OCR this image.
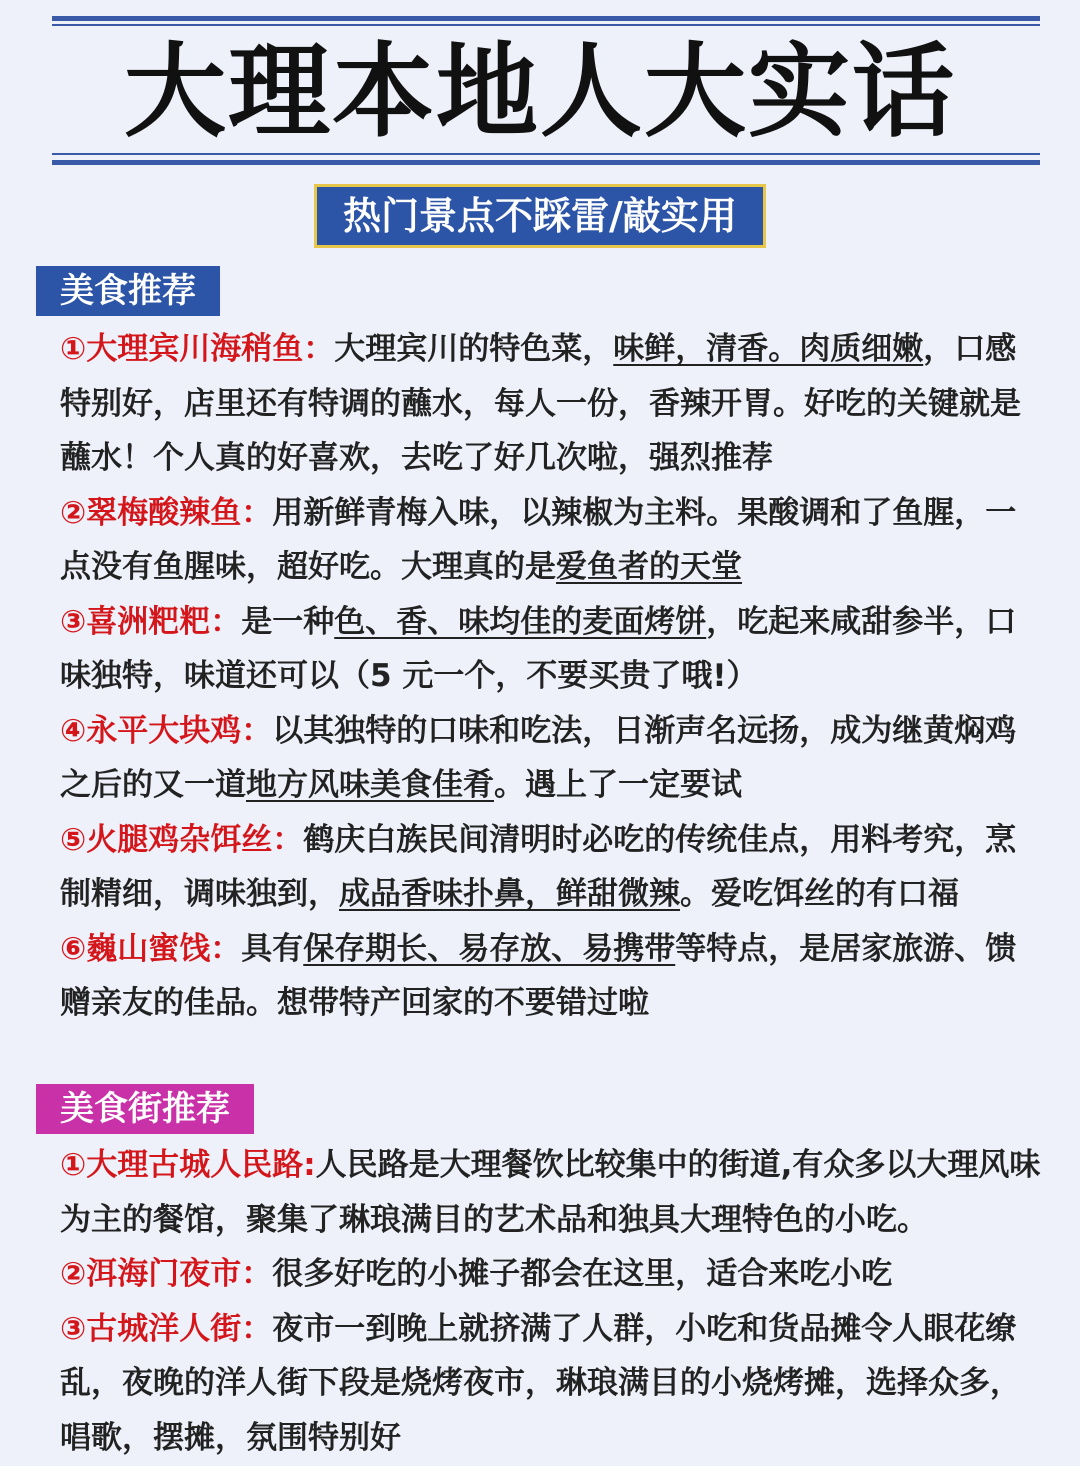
大理本地人大实话
热门景点不踩雷/敲实用
美食推荐

①大理宾川海稍鱼：大理宾川的特色菜，味鲜，清香。肉质细嫩，口感特别好，店里还有特调的蘸水，每人一份，香辣开胃。好吃的关键就是蘸水！个人真的好喜欢，去吃了好几次啦，强烈推荐

②翠梅酸辣鱼：用新鲜青梅入味，以辣椒为主料。果酸调和了鱼腥，一点没有鱼腥味，超好吃。大理真的是爱鱼者的天堂

③喜洲粑粑：是一种色、香、味均佳的麦面烤饼，吃起来咸甜参半，口味独特，味道还可以（5 元一个，不要买贵了哦!）

④永平大块鸡：以其独特的口味和吃法，日渐声名远扬，成为继黄焖鸡之后的又一道地方风味美食佳肴。遇上了一定要试

⑤火腿鸡杂饵丝：鹤庆白族民间清明时必吃的传统佳点，用料考究，烹制精细，调味独到，成品香味扑鼻，鲜甜微辣。爱吃饵丝的有口福

⑥巍山蜜饯：具有保存期长、易存放、易携带等特点，是居家旅游、馈赠亲友的佳品。想带特产回家的不要错过啦

美食街推荐

①大理古城人民路:人民路是大理餐饮比较集中的街道,有众多以大理风味为主的餐馆，聚集了琳琅满目的艺术品和独具大理特色的小吃。

②洱海门夜市：很多好吃的小摊子都会在这里，适合来吃小吃

③古城洋人街：夜市一到晚上就挤满了人群，小吃和货品摊令人眼花缭乱，夜晚的洋人街下段是烧烤夜市，琳琅满目的小烧烤摊，选择众多，唱歌，摆摊，氛围特别好
